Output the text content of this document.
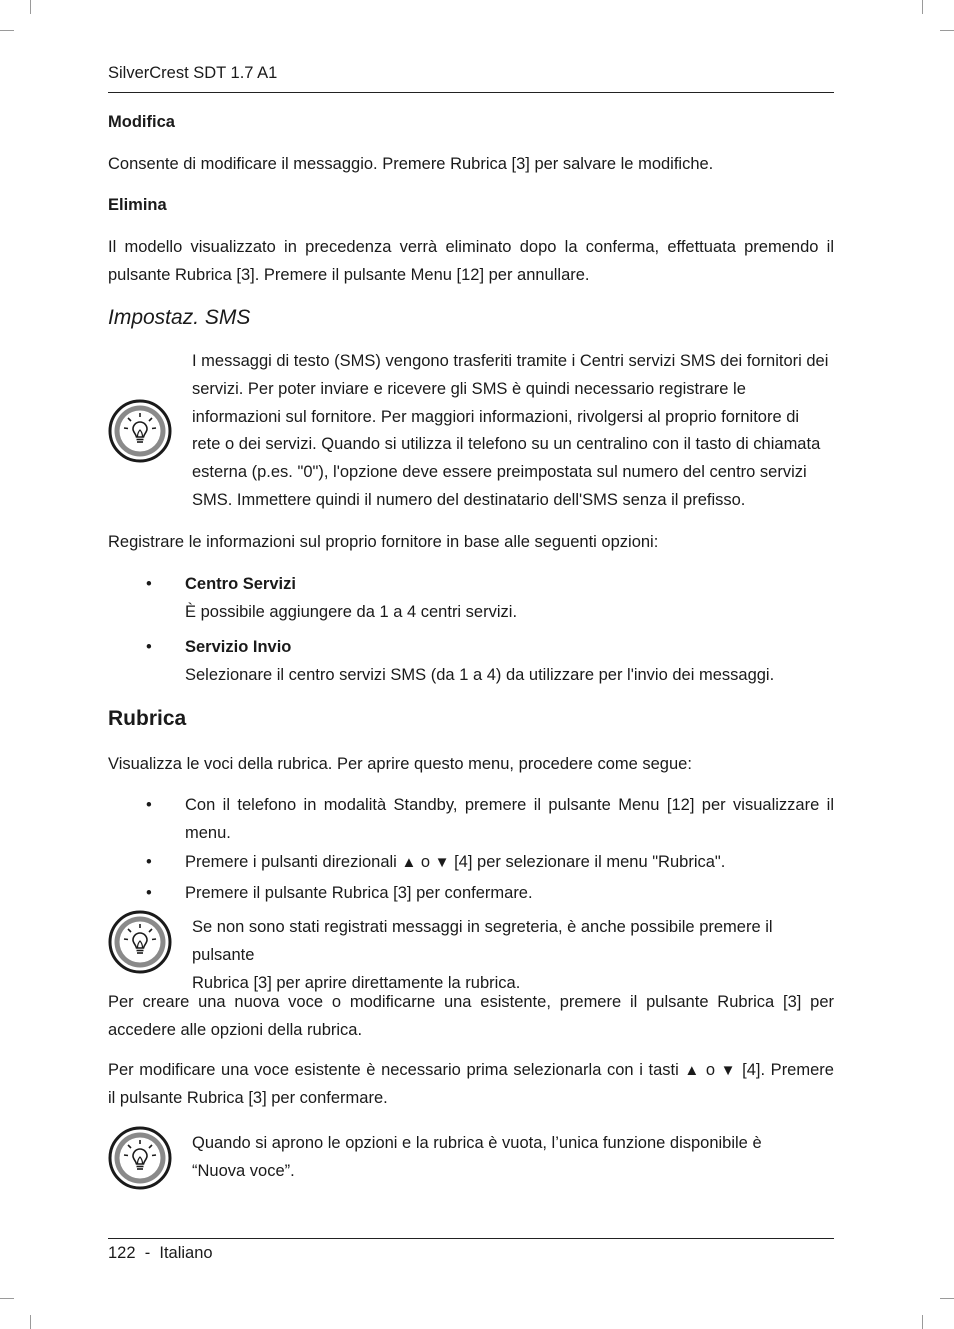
SilverCrest SDT 1.7 A1
Modifica
Consente di modificare il messaggio. Premere Rubrica [3] per salvare le modifiche.
Elimina
Il modello visualizzato in precedenza verrà eliminato dopo la conferma, effettuata premendo il
pulsante Rubrica [3]. Premere il pulsante Menu [12] per annullare.
Impostaz. SMS
I messaggi di testo (SMS) vengono trasferiti tramite i Centri servizi SMS dei fornitori dei
servizi. Per poter inviare e ricevere gli SMS è quindi necessario registrare le
informazioni sul fornitore. Per maggiori informazioni, rivolgersi al proprio fornitore di
rete o dei servizi. Quando si utilizza il telefono su un centralino con il tasto di chiamata
esterna (p.es. "0"), l'opzione deve essere preimpostata sul numero del centro servizi
SMS. Immettere quindi il numero del destinatario dell'SMS senza il prefisso.
Registrare le informazioni sul proprio fornitore in base alle seguenti opzioni:
• Centro Servizi
È possibile aggiungere da 1 a 4 centri servizi.
• Servizio Invio
Selezionare il centro servizi SMS (da 1 a 4) da utilizzare per l'invio dei messaggi.
Rubrica
Visualizza le voci della rubrica. Per aprire questo menu, procedere come segue:
• Con il telefono in modalità Standby, premere il pulsante Menu [12] per visualizzare il
menu.
• Premere i pulsanti direzionali ▲ o ▼ [4] per selezionare il menu "Rubrica".
• Premere il pulsante Rubrica [3] per confermare.
Se non sono stati registrati messaggi in segreteria, è anche possibile premere il pulsante
Rubrica [3] per aprire direttamente la rubrica.
Per creare una nuova voce o modificarne una esistente, premere il pulsante Rubrica [3] per
accedere alle opzioni della rubrica.
Per modificare una voce esistente è necessario prima selezionarla con i tasti ▲ o ▼ [4]. Premere
il pulsante Rubrica [3] per confermare.
Quando si aprono le opzioni e la rubrica è vuota, l’unica funzione disponibile è
“Nuova voce”.
122  -  Italiano
